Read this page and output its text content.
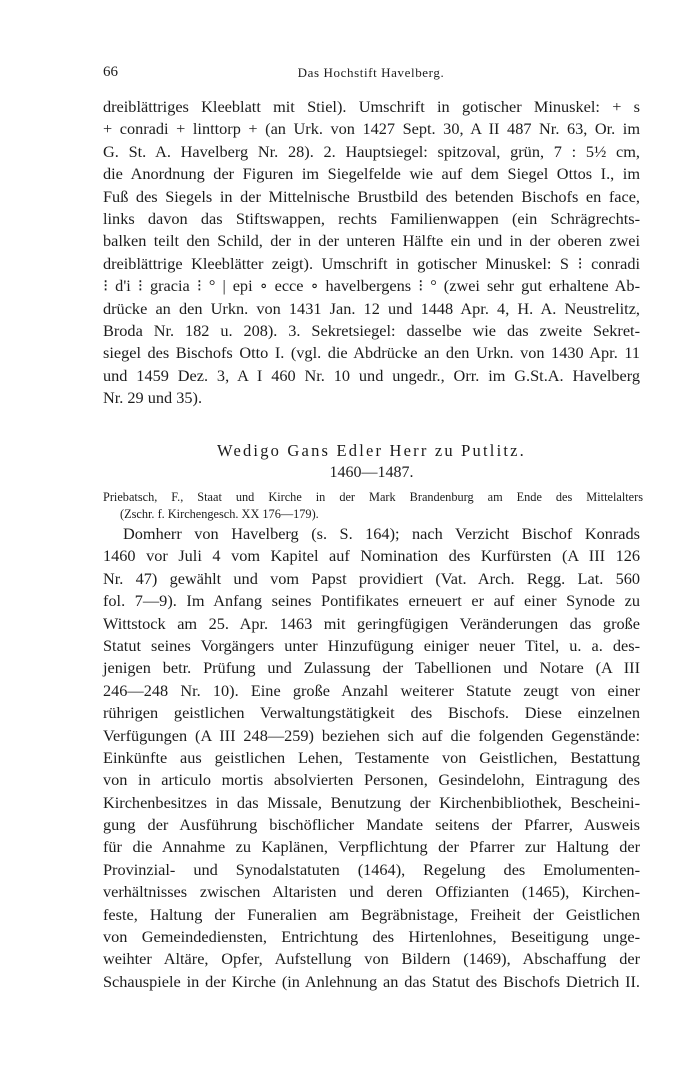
66	Das Hochstift Havelberg.
dreiblättriges Kleeblatt mit Stiel). Umschrift in gotischer Minuskel: + s
+ conradi + linttorp + (an Urk. von 1427 Sept. 30, A II 487 Nr. 63, Or. im
G. St. A. Havelberg Nr. 28). 2. Hauptsiegel: spitzoval, grün, 7 : 5½ cm,
die Anordnung der Figuren im Siegelfelde wie auf dem Siegel Ottos I., im
Fuß des Siegels in der Mittelnische Brustbild des betenden Bischofs en face,
links davon das Stiftswappen, rechts Familienwappen (ein Schrägrechts-
balken teilt den Schild, der in der unteren Hälfte ein und in der oberen zwei
dreiblättrige Kleeblätter zeigt). Umschrift in gotischer Minuskel: S ⁝ conradi
⁝ d'i ⁝ gracia ⁝ ° | epi ∘ ecce ∘ havelbergens ⁝ ° (zwei sehr gut erhaltene Ab-
drücke an den Urkn. von 1431 Jan. 12 und 1448 Apr. 4, H. A. Neustrelitz,
Broda Nr. 182 u. 208). 3. Sekretsiegel: dasselbe wie das zweite Sekret-
siegel des Bischofs Otto I. (vgl. die Abdrücke an den Urkn. von 1430 Apr. 11
und 1459 Dez. 3, A I 460 Nr. 10 und ungedr., Orr. im G.St.A. Havelberg
Nr. 29 und 35).
Wedigo Gans Edler Herr zu Putlitz.
1460—1487.
Priebatsch, F., Staat und Kirche in der Mark Brandenburg am Ende des Mittelalters
(Zschr. f. Kirchengesch. XX 176—179).
Domherr von Havelberg (s. S. 164); nach Verzicht Bischof Konrads
1460 vor Juli 4 vom Kapitel auf Nomination des Kurfürsten (A III 126
Nr. 47) gewählt und vom Papst providiert (Vat. Arch. Regg. Lat. 560
fol. 7—9). Im Anfang seines Pontifikates erneuert er auf einer Synode zu
Wittstock am 25. Apr. 1463 mit geringfügigen Veränderungen das große
Statut seines Vorgängers unter Hinzufügung einiger neuer Titel, u. a. des-
jenigen betr. Prüfung und Zulassung der Tabellionen und Notare (A III
246—248 Nr. 10). Eine große Anzahl weiterer Statute zeugt von einer
rührigen geistlichen Verwaltungstätigkeit des Bischofs. Diese einzelnen
Verfügungen (A III 248—259) beziehen sich auf die folgenden Gegenstände:
Einkünfte aus geistlichen Lehen, Testamente von Geistlichen, Bestattung
von in articulo mortis absolvierten Personen, Gesindelohn, Eintragung des
Kirchenbesitzes in das Missale, Benutzung der Kirchenbibliothek, Bescheini-
gung der Ausführung bischöflicher Mandate seitens der Pfarrer, Ausweis
für die Annahme zu Kaplänen, Verpflichtung der Pfarrer zur Haltung der
Provinzial- und Synodalstatuten (1464), Regelung des Emolumenten-
verhältnisses zwischen Altaristen und deren Offizianten (1465), Kirchen-
feste, Haltung der Funeralien am Begräbnistage, Freiheit der Geistlichen
von Gemeindediensten, Entrichtung des Hirtenlohnes, Beseitigung unge-
weihter Altäre, Opfer, Aufstellung von Bildern (1469), Abschaffung der
Schauspiele in der Kirche (in Anlehnung an das Statut des Bischofs Dietrich II.
